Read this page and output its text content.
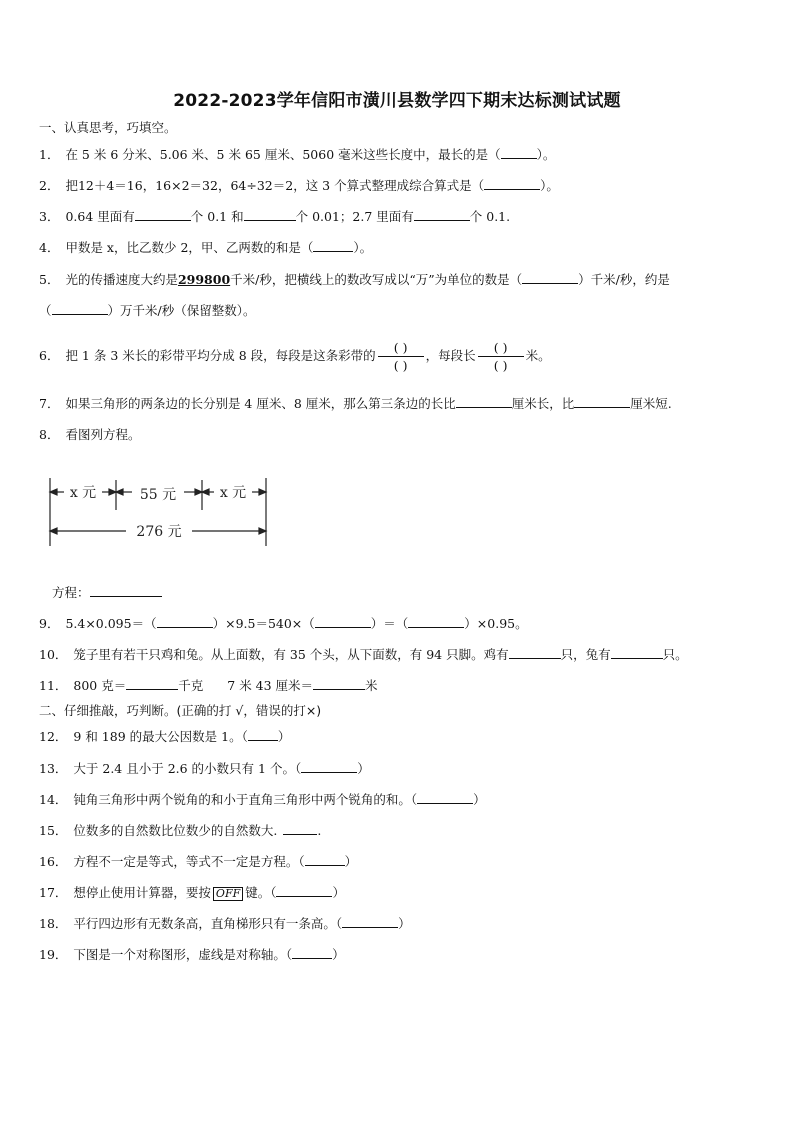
2022-2023学年信阳市潢川县数学四下期末达标测试试题
一、认真思考，巧填空。
1． 在 5 米 6 分米、5.06 米、5 米 65 厘米、5060 毫米这些长度中，最长的是（	）。
2． 把12＋4＝16，16×2＝32，64÷32＝2，这 3 个算式整理成综合算式是（	）。
3． 0.64 里面有	个 0.1 和	个 0.01；2.7 里面有	个 0.1.
4． 甲数是 x，比乙数少 2，甲、乙两数的和是（	）。
5． 光的传播速度大约是299800千米/秒，把横线上的数改写成以“万”为单位的数是（	）千米/秒，约是
（	）万千米/秒（保留整数）。
6． 把 1 条 3 米长的彩带平均分成 8 段，每段是这条彩带的 $\frac{( )}{( )}$ ，每段长 $\frac{( )}{( )}$ 米。
7． 如果三角形的两条边的长分别是 4 厘米、8 厘米，那么第三条边的长比	厘米长，比	厘米短.
8． 看图列方程。
x 元	55 元	x 元
276 元
方程：
9． 5.4×0.095＝（	）×9.5＝540×（	）＝（	）×0.95。
10． 笼子里有若干只鸡和兔。从上面数，有 35 个头，从下面数，有 94 只脚。鸡有	只，兔有	只。
11． 800 克＝	千克 7 米 43 厘米＝	米
二、仔细推敲，巧判断。(正确的打 √，错误的打×)
12． 9 和 189 的最大公因数是 1。（ ）
13． 大于 2.4 且小于 2.6 的小数只有 1 个。（	）
14． 钝角三角形中两个锐角的和小于直角三角形中两个锐角的和。（	）
15． 位数多的自然数比位数少的自然数大.	.
16． 方程不一定是等式，等式不一定是方程。（	）
17． 想停止使用计算器，要按 OFF 键。（	）
18． 平行四边形有无数条高，直角梯形只有一条高。（	）
19． 下图是一个对称图形，虚线是对称轴。（	）
